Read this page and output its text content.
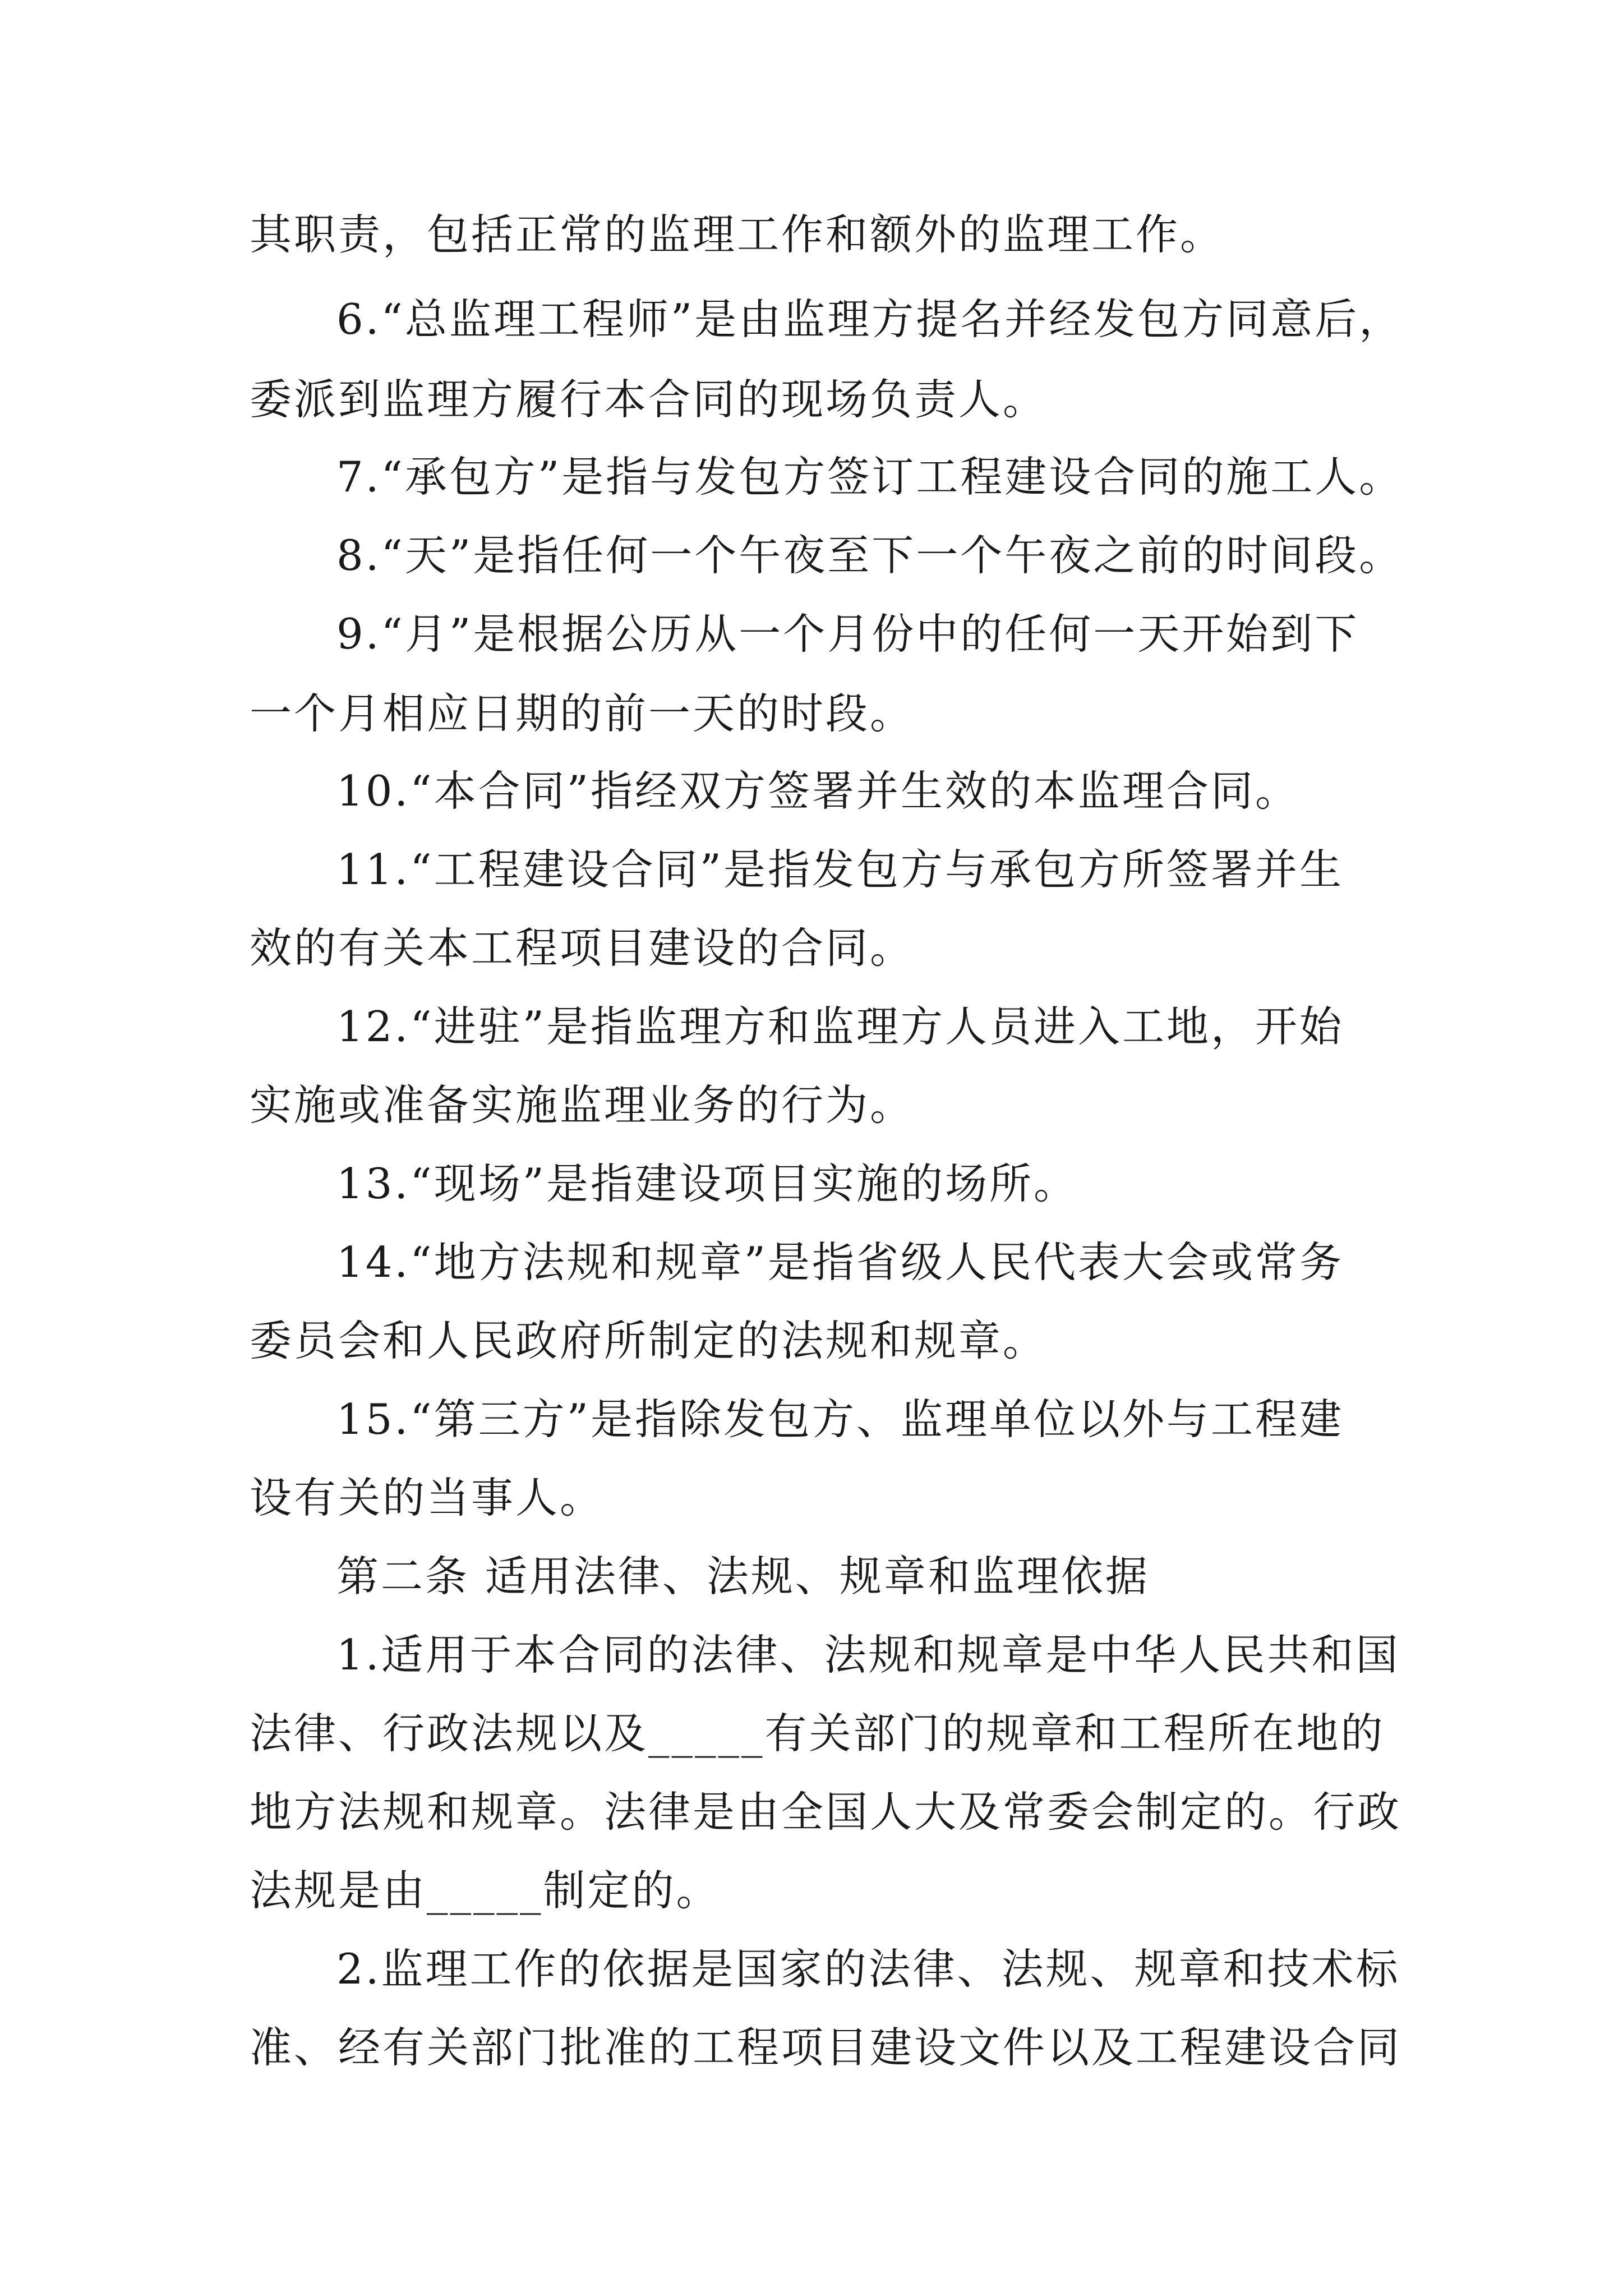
其职责，包括正常的监理工作和额外的监理工作。

6.“总监理工程师”是由监理方提名并经发包方同意后，

委派到监理方履行本合同的现场负责人。

7.“承包方”是指与发包方签订工程建设合同的施工人。

8.“天”是指任何一个午夜至下一个午夜之前的时间段。

9.“月”是根据公历从一个月份中的任何一天开始到下

一个月相应日期的前一天的时段。

10.“本合同”指经双方签署并生效的本监理合同。

11.“工程建设合同”是指发包方与承包方所签署并生

效的有关本工程项目建设的合同。

12.“进驻”是指监理方和监理方人员进入工地，开始

实施或准备实施监理业务的行为。

13.“现场”是指建设项目实施的场所。

14.“地方法规和规章”是指省级人民代表大会或常务

委员会和人民政府所制定的法规和规章。

15.“第三方”是指除发包方、监理单位以外与工程建

设有关的当事人。

第二条 适用法律、法规、规章和监理依据

1.适用于本合同的法律、法规和规章是中华人民共和国

法律、行政法规以及_____有关部门的规章和工程所在地的

地方法规和规章。法律是由全国人大及常委会制定的。行政

法规是由_____制定的。

2.监理工作的依据是国家的法律、法规、规章和技术标

准、经有关部门批准的工程项目建设文件以及工程建设合同
